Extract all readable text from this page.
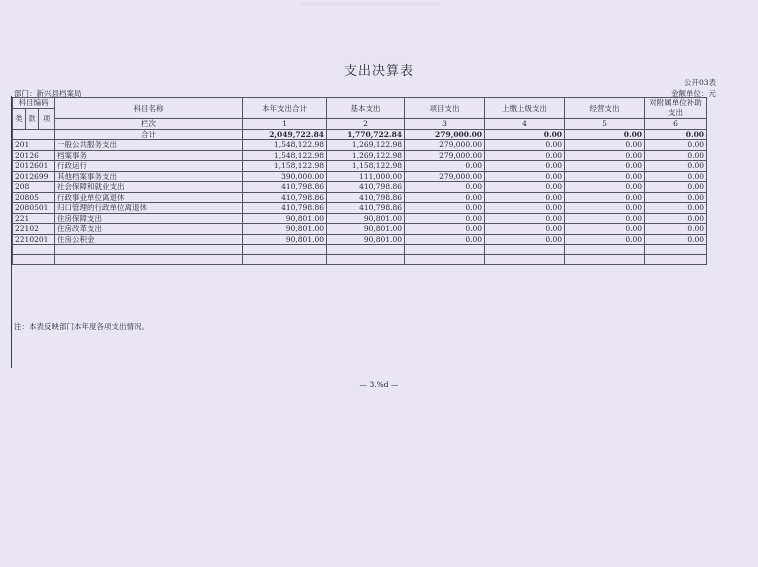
支出决算表
公开03表
部门：新兴县档案局	金额单位：元
科目编码			科目名称	本年支出合计	基本支出	项目支出	上缴上级支出	经营支出	对附属单位补助支出
类	款	项							
			栏次	1	2	3	4	5	6
			合计	2,049,722.84	1,770,722.84	279,000.00	0.00	0.00	0.00
201			一般公共服务支出	1,548,122.98	1,269,122.98	279,000.00	0.00	0.00	0.00
20126			档案事务	1,548,122.98	1,269,122.98	279,000.00	0.00	0.00	0.00
2012601			行政运行	1,158,122.98	1,158,122.98	0.00	0.00	0.00	0.00
2012699			其他档案事务支出	390,000.00	111,000.00	279,000.00	0.00	0.00	0.00
208			社会保障和就业支出	410,798.86	410,798.86	0.00	0.00	0.00	0.00
20805			行政事业单位离退休	410,798.86	410,798.86	0.00	0.00	0.00	0.00
2080501			归口管理的行政单位离退休	410,798.86	410,798.86	0.00	0.00	0.00	0.00
221			住房保障支出	90,801.00	90,801.00	0.00	0.00	0.00	0.00
22102			住房改革支出	90,801.00	90,801.00	0.00	0.00	0.00	0.00
2210201			住房公积金	90,801.00	90,801.00	0.00	0.00	0.00	0.00

注：本表反映部门本年度各项支出情况。
— 3.%d —
